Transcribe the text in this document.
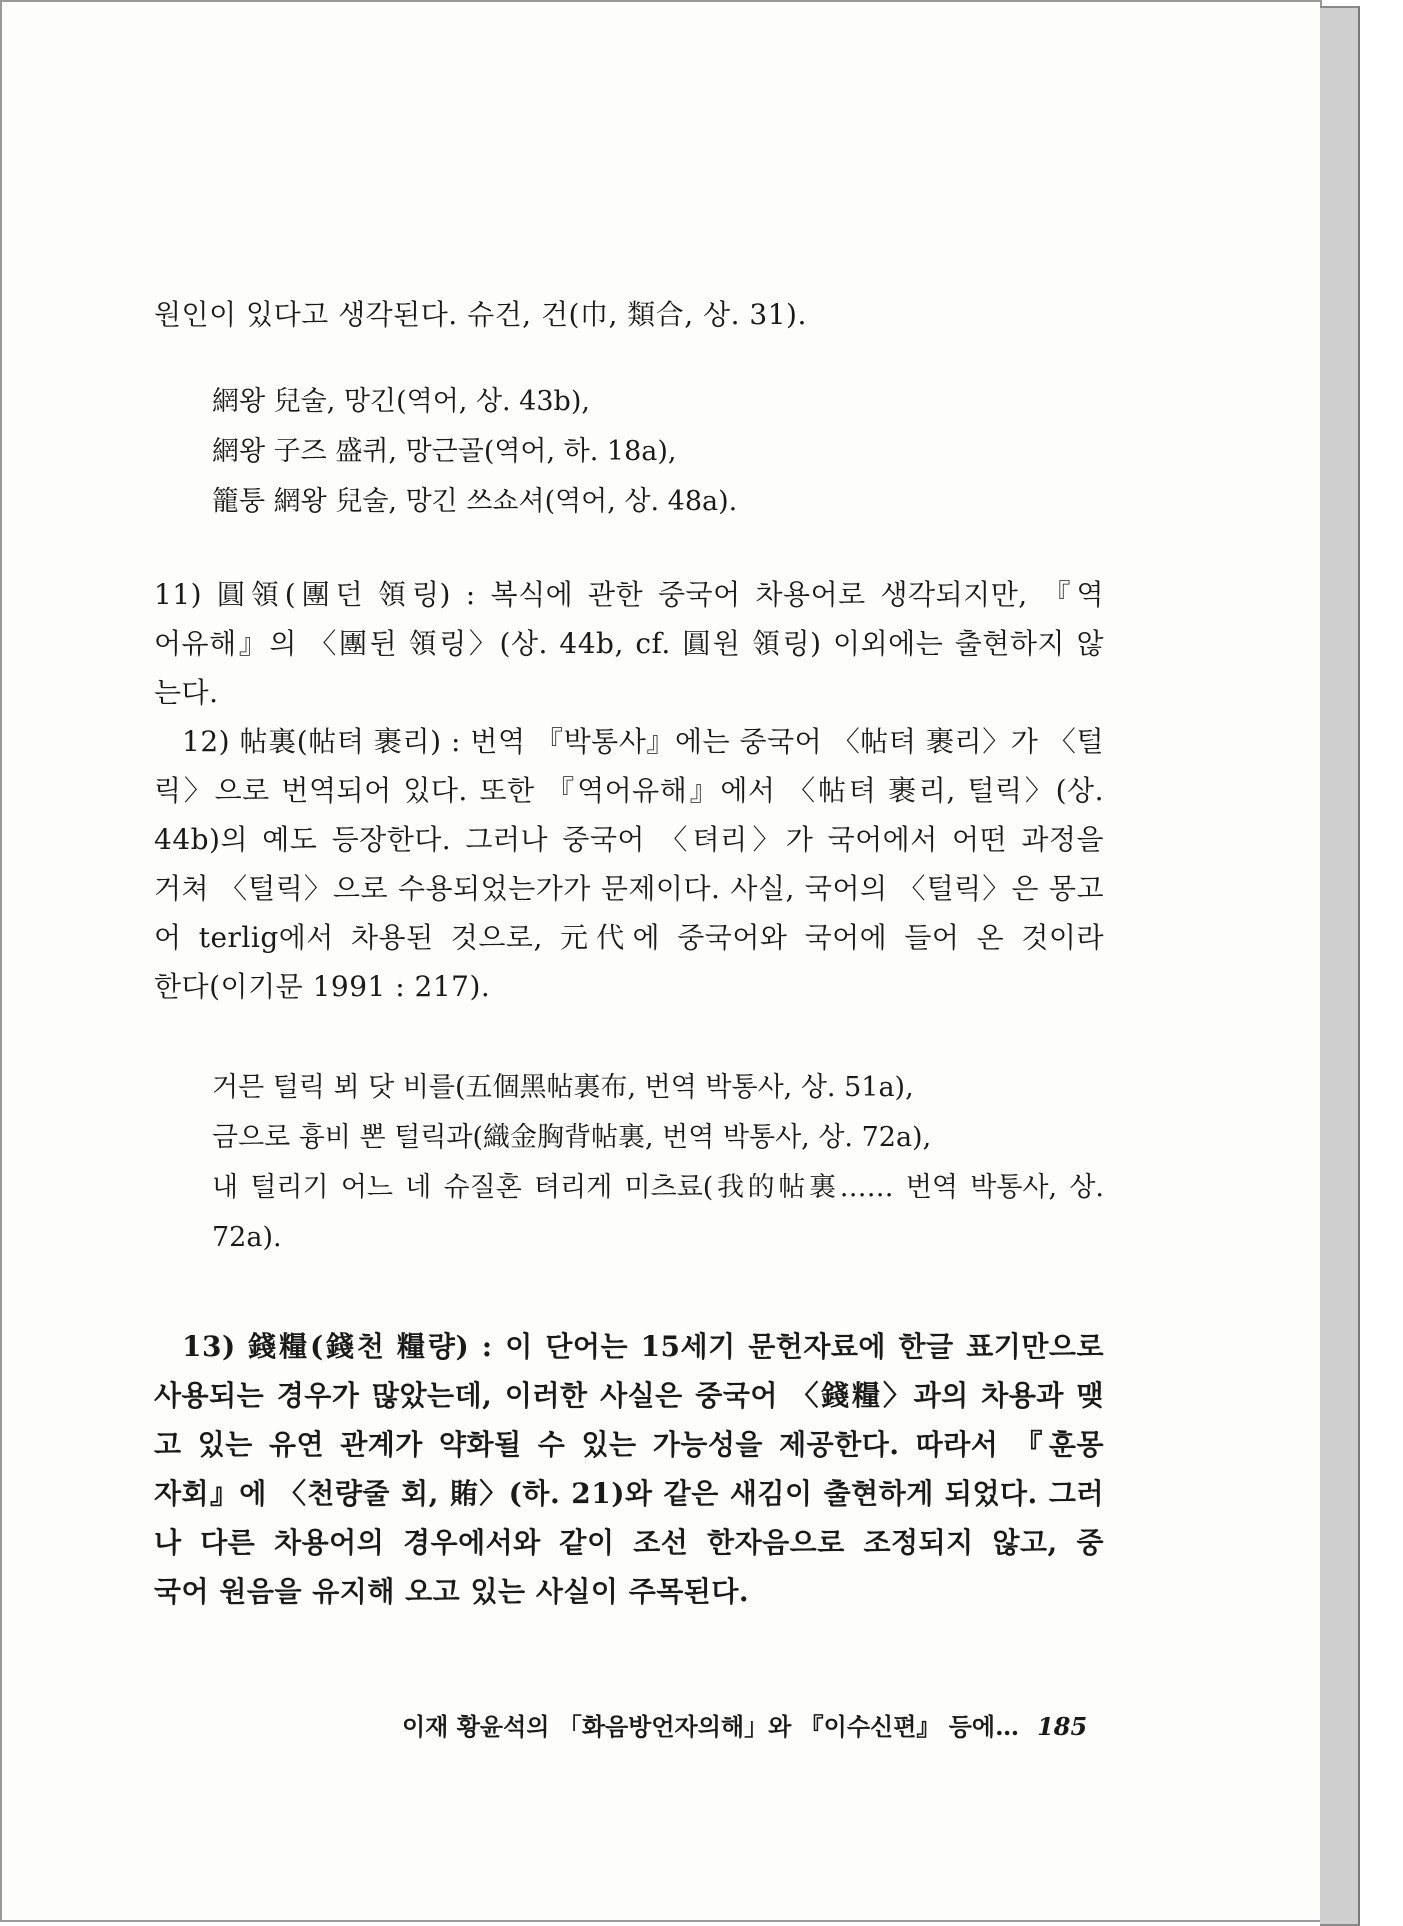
원인이 있다고 생각된다. 슈건, 건(巾, 類合, 상. 31).
網왕 兒술, 망긴(역어, 상. 43b),
網왕 子즈 盛퀴, 망근골(역어, 하. 18a),
籠퉁 網왕 兒술, 망긴 쓰쇼셔(역어, 상. 48a).
11) 圓領(團던 領링) : 복식에 관한 중국어 차용어로 생각되지만, 『역
어유해』의 〈團뒨 領링〉(상. 44b, cf. 圓원 領링) 이외에는 출현하지 않
는다.
12) 帖裏(帖텨 裹리) : 번역 『박통사』에는 중국어 〈帖텨 裹리〉가 〈털
릭〉으로 번역되어 있다. 또한 『역어유해』에서 〈帖텨 裹리, 털릭〉(상.
44b)의 예도 등장한다. 그러나 중국어 〈텨리〉가 국어에서 어떤 과정을
거쳐 〈털릭〉으로 수용되었는가가 문제이다. 사실, 국어의 〈털릭〉은 몽고
어 terlig에서 차용된 것으로, 元代에 중국어와 국어에 들어 온 것이라
한다(이기문 1991 : 217).
거믄 털릭 뵈 닷 비를(五個黑帖裏布, 번역 박통사, 상. 51a),
금으로 흉비 뽄 털릭과(織金胸背帖裏, 번역 박통사, 상. 72a),
내 털리기 어느 네 슈질혼 텨리게 미츠료(我的帖裏…… 번역 박통사, 상.
72a).
13) 錢糧(錢천 糧량) : 이 단어는 15세기 문헌자료에 한글 표기만으로
사용되는 경우가 많았는데, 이러한 사실은 중국어 〈錢糧〉과의 차용과 맺
고 있는 유연 관계가 약화될 수 있는 가능성을 제공한다. 따라서 『훈몽
자회』에 〈천량줄 회, 賄〉(하. 21)와 같은 새김이 출현하게 되었다. 그러
나 다른 차용어의 경우에서와 같이 조선 한자음으로 조정되지 않고, 중
국어 원음을 유지해 오고 있는 사실이 주목된다.
이재 황윤석의 「화음방언자의해」와 『이수신편』 등에… 185
